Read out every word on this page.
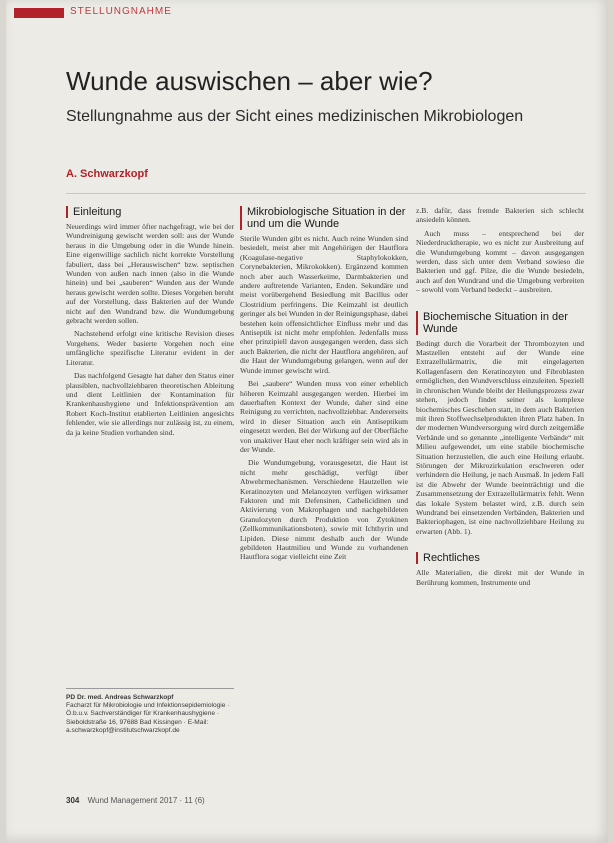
STELLUNGNAHME
Wunde auswischen – aber wie?
Stellungnahme aus der Sicht eines medizinischen Mikrobiologen
A. Schwarzkopf
Einleitung

Neuerdings wird immer öfter nachgefragt, wie bei der Wundreinigung gewischt werden soll: aus der Wunde heraus in die Umgebung oder in die Wunde hinein. Eine eigenwillige sachlich nicht korrekte Vorstellung fabuliert, dass bei „Herauswischen“ bzw. septischen Wunden von außen nach innen (also in die Wunde hinein) und bei „sauberen“ Wunden aus der Wunde heraus gewischt werden sollte. Dieses Vorgehen beruht auf der Vorstellung, dass Bakterien auf der Wunde nicht auf den Wundrand bzw. die Wundumgebung gebracht werden sollen.

Nachstehend erfolgt eine kritische Revision dieses Vorgehens. Weder basierte Vorgehen noch eine umfängliche spezifische Literatur evident in der Literatur.

Das nachfolgend Gesagte hat daher den Status einer plausiblen, nachvollziehbaren theoretischen Ableitung und dient Leitlinien der Kontamination für Krankenhaushygiene und Infektionsprävention am Robert Koch-Institut etablierten Leitlinien angesichts fehlender, wie sie allerdings nur zulässig ist, zu einem, da ja keine Studien vorhanden sind.

PD Dr. med. Andreas Schwarzkopf
Facharzt für Mikrobiologie und Infektionsepidemiologie · Ö.b.u.v. Sachverständiger für Krankenhaushygiene · Sieboldstraße 16, 97688 Bad Kissingen · E-Mail: a.schwarzkopf@institutschwarzkopf.de
Mikrobiologische Situation in der und um die Wunde

Sterile Wunden gibt es nicht. Auch reine Wunden sind besiedelt, meist aber mit Angehörigen der Hautflora (Koagulase-negative Staphylokokken, Corynebakterien, Mikrokokken). Ergänzend kommen noch aber auch Wasserkeime, Darmbakterien und andere auftretende Varianten, Enden. Sekundäre und meist vorübergehend Besiedlung mit Bacillus oder Clostridium perfringens. Die Keimzahl ist deutlich geringer als bei Wunden in der Reinigungsphase, dabei bestehen kein offensichtlicher Einfluss mehr und das Antiseptik ist nicht mehr empfohlen. Jedenfalls muss eher prinzipiell davon ausgegangen werden, dass sich auch Bakterien, die nicht der Hautflora angehören, auf die Haut der Wundumgebung gelangen, wenn auf der Wunde immer gewischt wird.

Bei „saubere“ Wunden muss von einer erheblich höheren Keimzahl ausgegangen werden. Hierbei im dauerhaften Kontext der Wunde, daher sind eine Reinigung zu verrichten, nachvollziehbar. Andererseits wird in dieser Situation auch ein Antiseptikum eingesetzt werden. Bei der Wirkung auf der Oberfläche von unaktiver Haut eher noch kräftiger sein wird als in der Wunde.

Die Wundumgebung, vorausgesetzt, die Haut ist nicht mehr geschädigt, verfügt über Abwehrmechanismen. Verschiedene Hautzellen wie Keratinozyten und Melanozyten verfügen wirksamer Faktoren und mit Defensinen, Cathelicidinen und Aktivierung von Makrophagen und nachgebildeten Granulozyten durch Produktion von Zytokinen (Zellkommunikationsboten), sowie mit Ichthyrin und Lipiden. Diese nimmt deshalb auch der Wunde gebildeten Hautmilieu und Wunde zu vorhandenen Hautflora sogar vielleicht eine Zeit

z.B. dafür, dass fremde Bakterien sich schlecht ansiedeln können.

Auch muss – entsprechend bei der Niederdrucktherapie, wo es nicht zur Ausbreitung auf die Wundumgebung kommt – davon ausgegangen werden, dass sich unter dem Verband sowieso die Bakterien und ggf. Pilze, die die Wunde besiedeln, auch auf den Wundrand und die Umgebung verbreiten – sowohl vom Verband bedeckt – ausbreiten.

Biochemische Situation in der Wunde

Bedingt durch die Vorarbeit der Thrombozyten und Mastzellen entsteht auf der Wunde eine Extrazellulärmatrix, die mit eingelagerten Kollagenfasern den Keratinozyten und Fibroblasten ermöglichen, den Wundverschluss einzuleiten. Speziell in chronischen Wunde bleibt der Heilungsprozess zwar stehen, jedoch findet seiner als komplexe biochemisches Geschehen statt, in dem auch Bakterien mit ihren Stoffwechselprodukten ihren Platz haben. In der modernen Wundversorgung wird durch zeitgemäße Verbände und so genannte „intelligente Verbände“ mit Milieu aufgewendet, um eine stabile biochemische Situation herzustellen, die auch eine Heilung erlaubt. Störungen der Mikrozirkulation erschweren oder verhindern die Heilung, je nach Ausmaß. In jedem Fall ist die Abwehr der Wunde beeinträchtigt und die Zusammensetzung der Extrazellulärmatrix fehlt. Wenn das lokale System belastet wird, z.B. durch sein Wundrand bei einsetzenden Verbänden, Bakterien und Bakteriophagen, ist eine nachvollziehbare Heilung zu erwarten (Abb. 1).

Rechtliches

Alle Materialien, die direkt mit der Wunde in Berührung kommen, Instrumente und

304 Wund Management 2017 · 11 (6)
